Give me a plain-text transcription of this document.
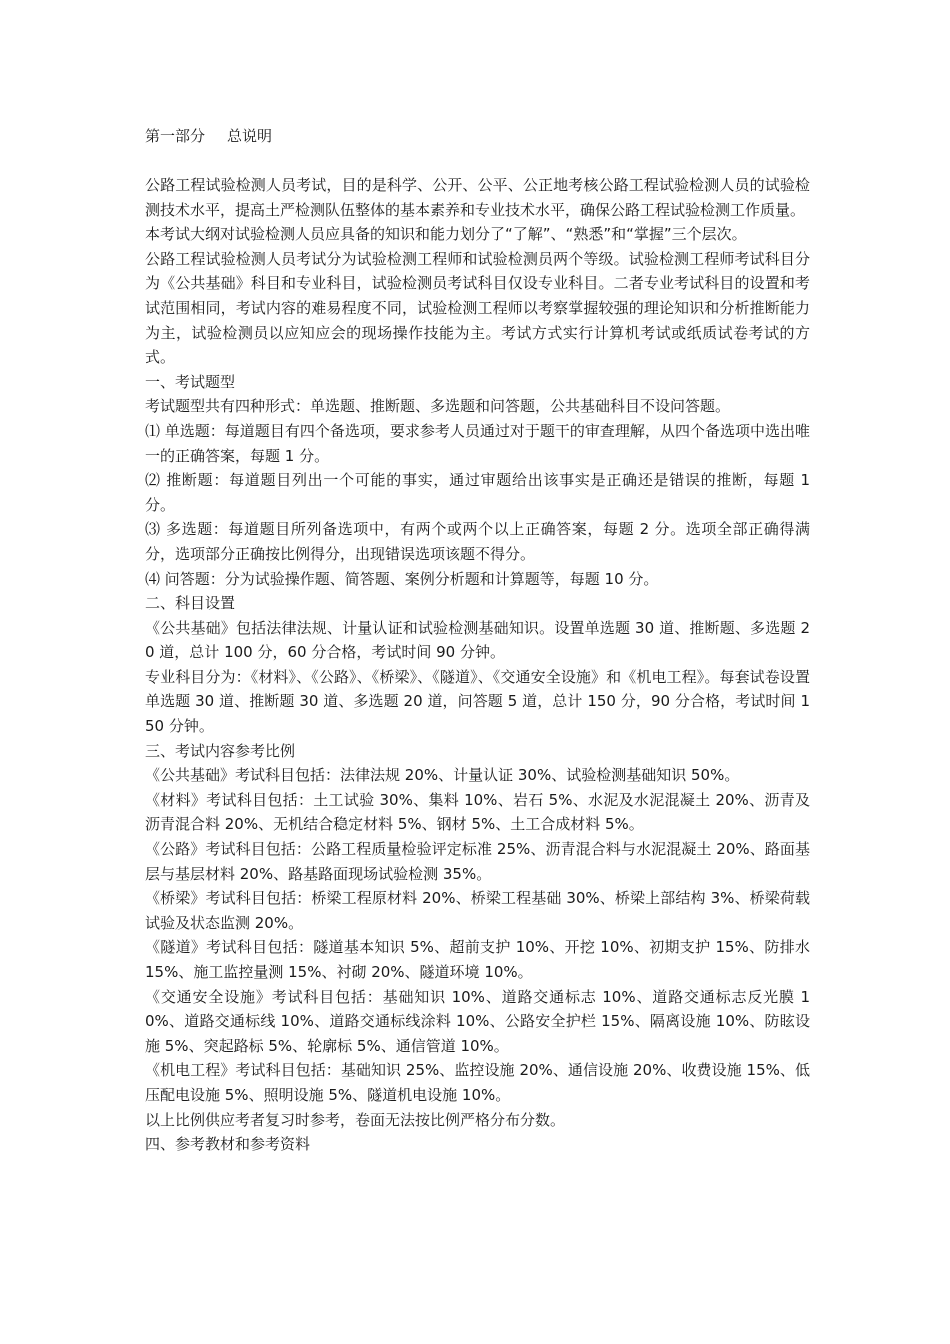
第一部分 总说明

公路工程试验检测人员考试，目的是科学、公开、公平、公正地考核公路工程试验检测人员的试验检测技术水平，提高土严检测队伍整体的基本素养和专业技术水平，确保公路工程试验检测工作质量。

本考试大纲对试验检测人员应具备的知识和能力划分了“了解”、“熟悉”和“掌握”三个层次。

公路工程试验检测人员考试分为试验检测工程师和试验检测员两个等级。试验检测工程师考试科目分为《公共基础》科目和专业科目，试验检测员考试科目仅设专业科目。二者专业考试科目的设置和考试范围相同，考试内容的难易程度不同，试验检测工程师以考察掌握较强的理论知识和分析推断能力为主，试验检测员以应知应会的现场操作技能为主。考试方式实行计算机考试或纸质试卷考试的方式。

一、考试题型

考试题型共有四种形式：单选题、推断题、多选题和问答题，公共基础科目不设问答题。

⑴ 单选题：每道题目有四个备选项，要求参考人员通过对于题干的审查理解，从四个备选项中选出唯一的正确答案，每题 1 分。

⑵ 推断题：每道题目列出一个可能的事实，通过审题给出该事实是正确还是错误的推断，每题 1 分。

⑶ 多选题：每道题目所列备选项中，有两个或两个以上正确答案，每题 2 分。选项全部正确得满分，选项部分正确按比例得分，出现错误选项该题不得分。

⑷ 问答题：分为试验操作题、简答题、案例分析题和计算题等，每题 10 分。

二、科目设置

《公共基础》包括法律法规、计量认证和试验检测基础知识。设置单选题 30 道、推断题、多选题 20 道，总计 100 分，60 分合格，考试时间 90 分钟。

专业科目分为：《材料》、《公路》、《桥梁》、《隧道》、《交通安全设施》和《机电工程》。每套试卷设置单选题 30 道、推断题 30 道、多选题 20 道，问答题 5 道，总计 150 分，90 分合格，考试时间 150 分钟。

三、考试内容参考比例

《公共基础》考试科目包括：法律法规 20%、计量认证 30%、试验检测基础知识 50%。

《材料》考试科目包括：土工试验 30%、集料 10%、岩石 5%、水泥及水泥混凝土 20%、沥青及沥青混合料 20%、无机结合稳定材料 5%、钢材 5%、土工合成材料 5%。

《公路》考试科目包括：公路工程质量检验评定标准 25%、沥青混合料与水泥混凝土 20%、路面基层与基层材料 20%、路基路面现场试验检测 35%。

《桥梁》考试科目包括：桥梁工程原材料 20%、桥梁工程基础 30%、桥梁上部结构 3%、桥梁荷载试验及状态监测 20%。

《隧道》考试科目包括：隧道基本知识 5%、超前支护 10%、开挖 10%、初期支护 15%、防排水 15%、施工监控量测 15%、衬砌 20%、隧道环境 10%。

《交通安全设施》考试科目包括：基础知识 10%、道路交通标志 10%、道路交通标志反光膜 10%、道路交通标线 10%、道路交通标线涂料 10%、公路安全护栏 15%、隔离设施 10%、防眩设施 5%、突起路标 5%、轮廓标 5%、通信管道 10%。

《机电工程》考试科目包括：基础知识 25%、监控设施 20%、通信设施 20%、收费设施 15%、低压配电设施 5%、照明设施 5%、隧道机电设施 10%。

以上比例供应考者复习时参考，卷面无法按比例严格分布分数。

四、参考教材和参考资料
